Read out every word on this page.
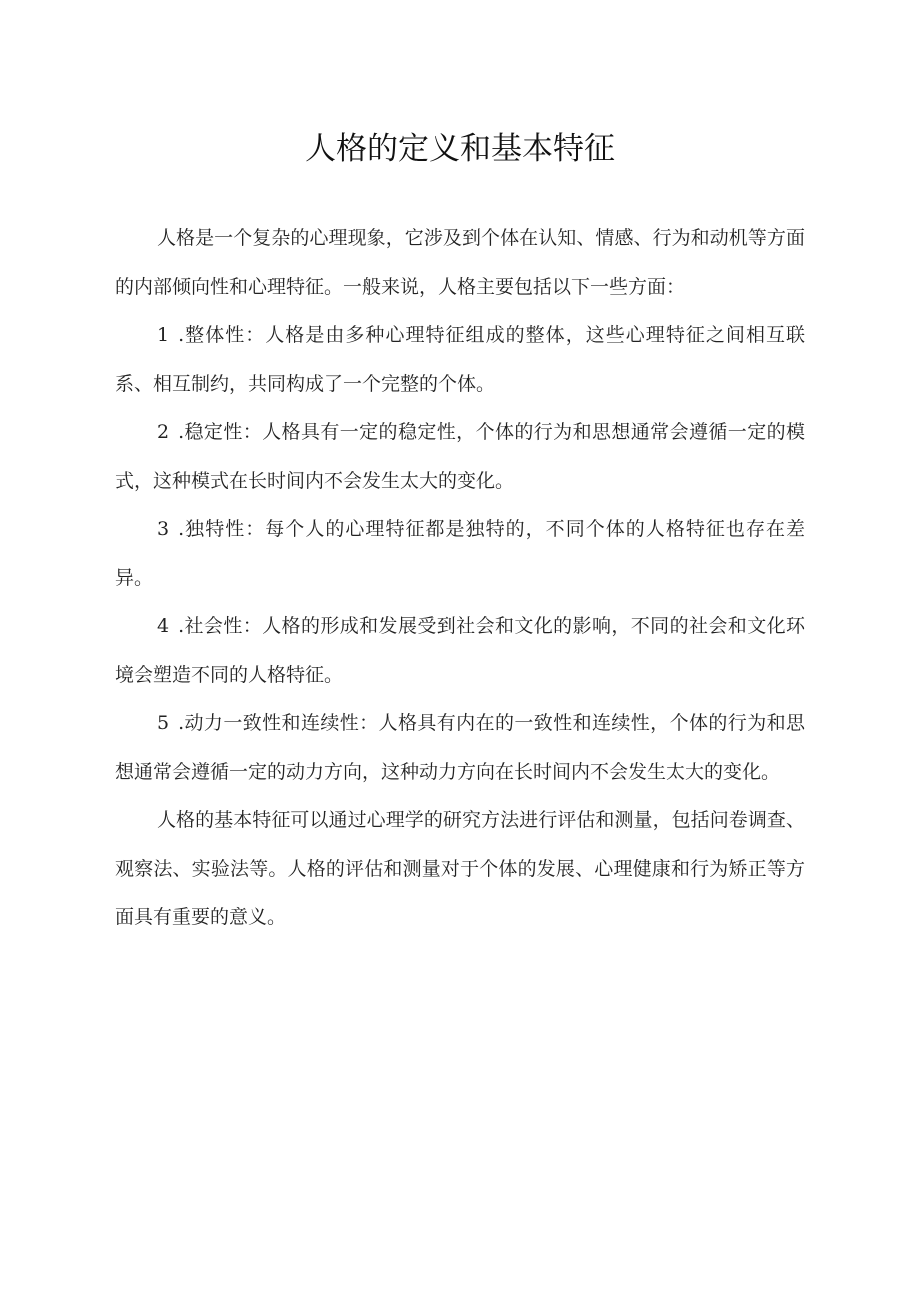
人格的定义和基本特征

人格是一个复杂的心理现象，它涉及到个体在认知、情感、行为和动机等方面的内部倾向性和心理特征。一般来说，人格主要包括以下一些方面：

1 .整体性：人格是由多种心理特征组成的整体，这些心理特征之间相互联系、相互制约，共同构成了一个完整的个体。

2 .稳定性：人格具有一定的稳定性，个体的行为和思想通常会遵循一定的模式，这种模式在长时间内不会发生太大的变化。

3 .独特性：每个人的心理特征都是独特的，不同个体的人格特征也存在差异。

4 .社会性：人格的形成和发展受到社会和文化的影响，不同的社会和文化环境会塑造不同的人格特征。

5 .动力一致性和连续性：人格具有内在的一致性和连续性，个体的行为和思想通常会遵循一定的动力方向，这种动力方向在长时间内不会发生太大的变化。

人格的基本特征可以通过心理学的研究方法进行评估和测量，包括问卷调查、观察法、实验法等。人格的评估和测量对于个体的发展、心理健康和行为矫正等方面具有重要的意义。
